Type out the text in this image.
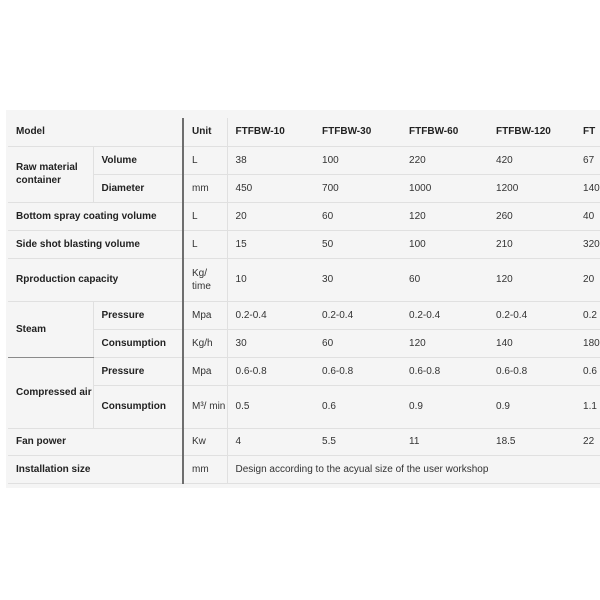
Model		Unit	FTFBW-10	FTFBW-30	FTFBW-60	FTFBW-120	FT
Raw material container	Volume	L	38	100	220	420	67
	Diameter	mm	450	700	1000	1200	140
Bottom spray coating volume		L	20	60	120	260	40
Side shot blasting volume		L	15	50	100	210	320
Rproduction capacity		Kg/ time	10	30	60	120	20
Steam	Pressure	Mpa	0.2-0.4	0.2-0.4	0.2-0.4	0.2-0.4	0.2
	Consumption	Kg/h	30	60	120	140	180
Compressed air	Pressure	Mpa	0.6-0.8	0.6-0.8	0.6-0.8	0.6-0.8	0.6
	Consumption	M³/ min	0.5	0.6	0.9	0.9	1.1
Fan power		Kw	4	5.5	11	18.5	22
Installation size		mm	Design according to the acyual size of the user workshop				
